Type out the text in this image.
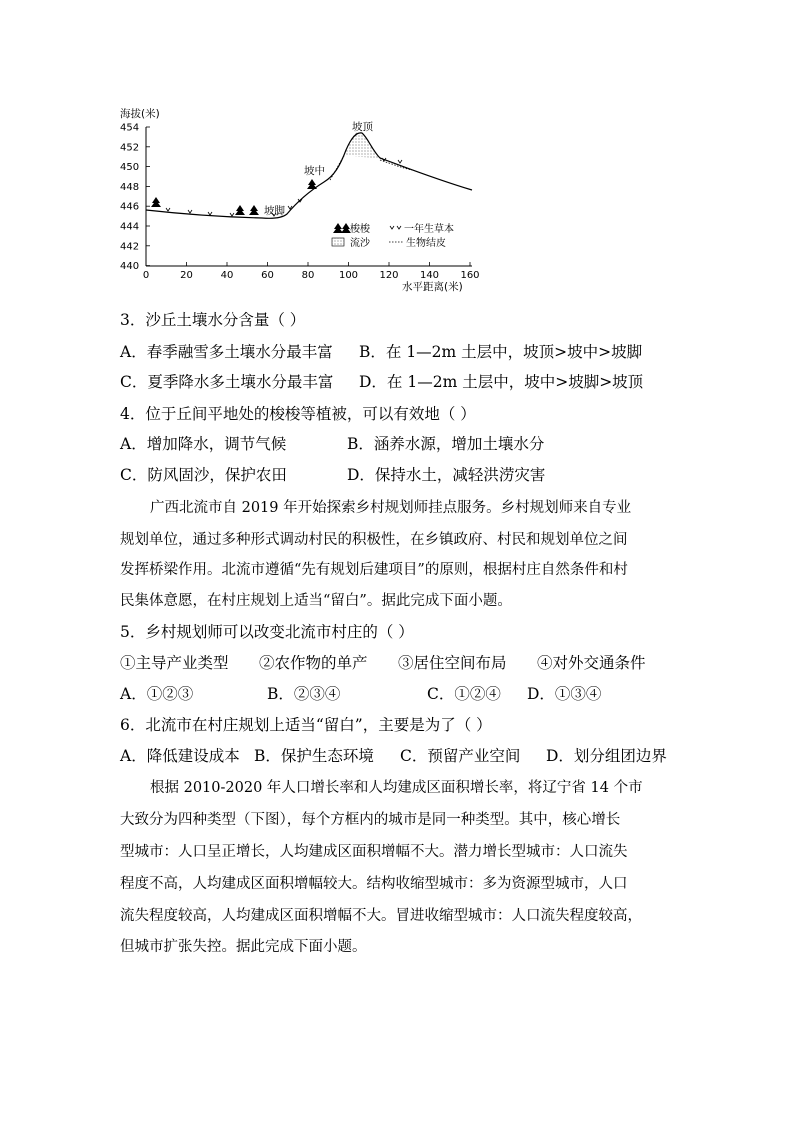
海拔(米)
454
452
450
448
446
444
442
440
0	20	40	60	80 100 120 140 160
坡顶
坡中
坡脚
梭梭	一年生草本
流沙	生物结皮
水平距离(米)
3．沙丘土壤水分含量（ ）
A．春季融雪多土壤水分最丰富 B．在 1—2m 土层中，坡顶>坡中>坡脚
C．夏季降水多土壤水分最丰富 D．在 1—2m 土层中，坡中>坡脚>坡顶
4．位于丘间平地处的梭梭等植被，可以有效地（ ）
A．增加降水，调节气候	B．涵养水源，增加土壤水分
C．防风固沙，保护农田	D．保持水土，减轻洪涝灾害
广西北流市自 2019 年开始探索乡村规划师挂点服务。乡村规划师来自专业
规划单位，通过多种形式调动村民的积极性，在乡镇政府、村民和规划单位之间
发挥桥梁作用。北流市遵循“先有规划后建项目”的原则，根据村庄自然条件和村
民集体意愿，在村庄规划上适当“留白”。据此完成下面小题。
5．乡村规划师可以改变北流市村庄的（ ）
①主导产业类型 ②农作物的单产 ③居住空间布局 ④对外交通条件
A．①②③	B．②③④	C．①②④ D．①③④
6．北流市在村庄规划上适当“留白”，主要是为了（ ）
A．降低建设成本 B．保护生态环境 C．预留产业空间 D．划分组团边界
根据 2010-2020 年人口增长率和人均建成区面积增长率，将辽宁省 14 个市
大致分为四种类型（下图），每个方框内的城市是同一种类型。其中，核心增长
型城市：人口呈正增长，人均建成区面积增幅不大。潜力增长型城市：人口流失
程度不高，人均建成区面积增幅较大。结构收缩型城市：多为资源型城市，人口
流失程度较高，人均建成区面积增幅不大。冒进收缩型城市：人口流失程度较高，
但城市扩张失控。据此完成下面小题。
